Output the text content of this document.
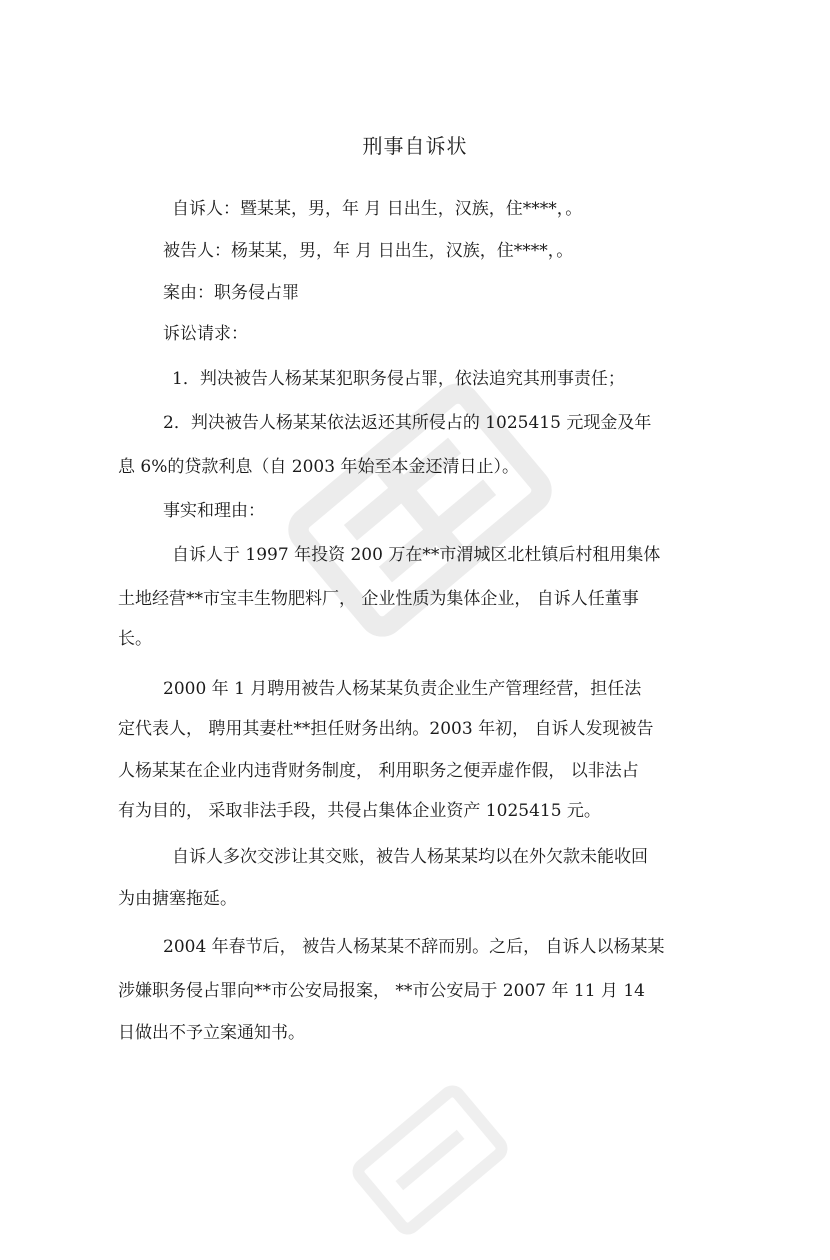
刑事自诉状
自诉人：暨某某，男，年 月 日出生，汉族，住****，。
被告人：杨某某，男，年 月 日出生，汉族，住****，。
案由：职务侵占罪
诉讼请求：
1．判决被告人杨某某犯职务侵占罪，依法追究其刑事责任；
2．判决被告人杨某某依法返还其所侵占的 1025415 元现金及年
息 6%的贷款利息（自 2003 年始至本金还清日止）。
事实和理由：
自诉人于 1997 年投资 200 万在**市渭城区北杜镇后村租用集体
土地经营**市宝丰生物肥料厂， 企业性质为集体企业， 自诉人任董事
长。
2000 年 1 月聘用被告人杨某某负责企业生产管理经营，担任法
定代表人， 聘用其妻杜**担任财务出纳。2003 年初， 自诉人发现被告
人杨某某在企业内违背财务制度， 利用职务之便弄虚作假， 以非法占
有为目的， 采取非法手段，共侵占集体企业资产 1025415 元。
自诉人多次交涉让其交账，被告人杨某某均以在外欠款未能收回
为由搪塞拖延。
2004 年春节后， 被告人杨某某不辞而别。之后， 自诉人以杨某某
涉嫌职务侵占罪向**市公安局报案， **市公安局于 2007 年 11 月 14
日做出不予立案通知书。
